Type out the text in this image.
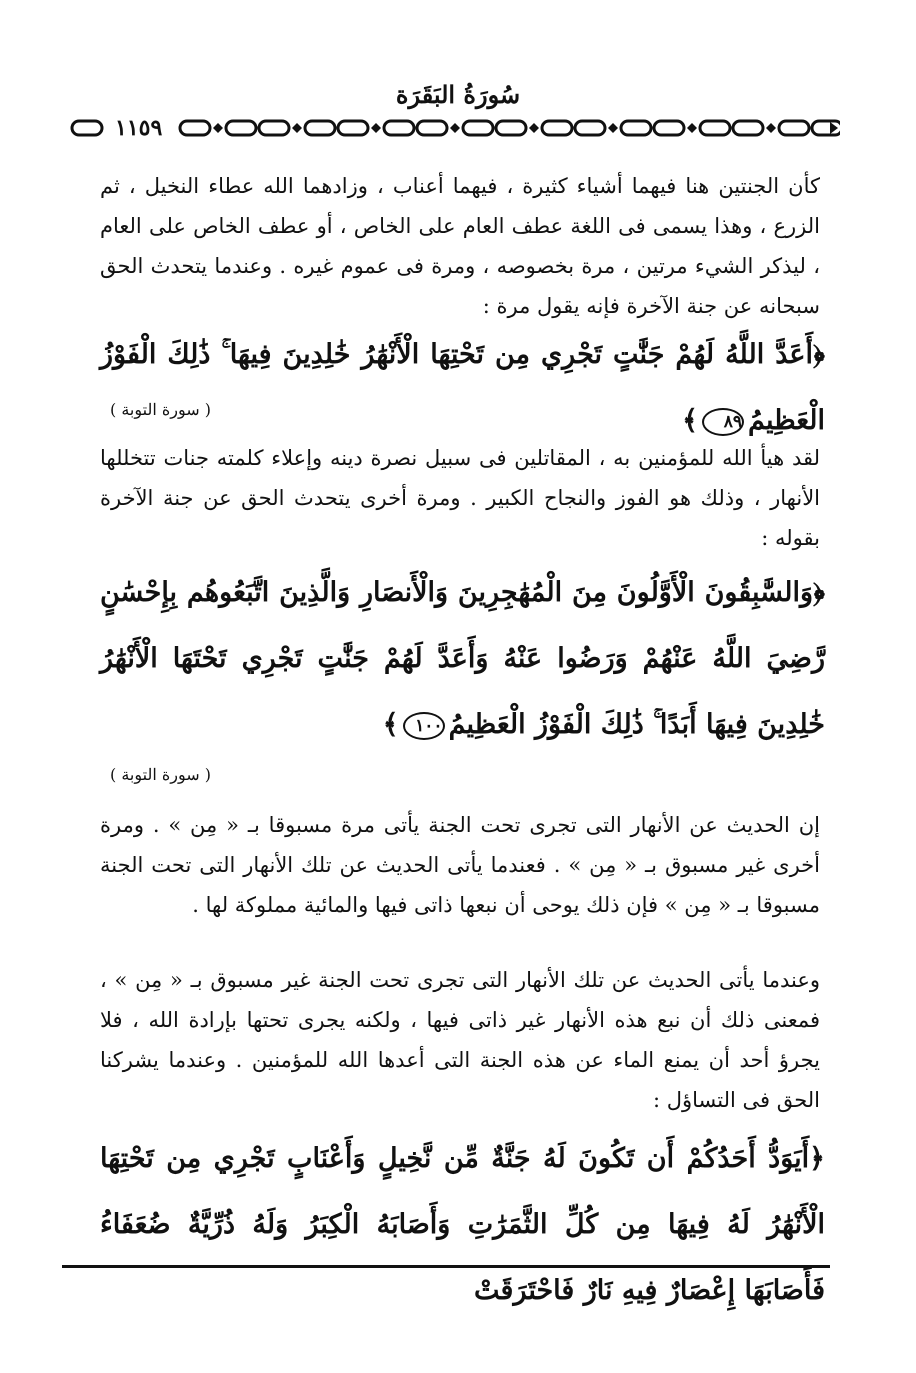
سُورَةُ البَقَرَة
١١٥٩

كأن الجنتين هنا فيهما أشياء كثيرة ، فيهما أعناب ، وزادهما الله عطاء النخيل ، ثم الزرع ، وهذا يسمى فى اللغة عطف العام على الخاص ، أو عطف الخاص على العام ، ليذكر الشيء مرتين ، مرة بخصوصه ، ومرة فى عموم غيره . وعندما يتحدث الحق سبحانه عن جنة الآخرة فإنه يقول مرة :

﴿أَعَدَّ اللَّهُ لَهُمْ جَنَّٰتٍ تَجْرِي مِن تَحْتِهَا الْأَنْهَٰرُ خَٰلِدِينَ فِيهَا ۚ ذَٰلِكَ الْفَوْزُ الْعَظِيمُ٨٩﴾

( سورة التوبة )

لقد هيأ الله للمؤمنين به ، المقاتلين فى سبيل نصرة دينه وإعلاء كلمته جنات تتخللها الأنهار ، وذلك هو الفوز والنجاح الكبير . ومرة أخرى يتحدث الحق عن جنة الآخرة بقوله :

﴿وَالسَّٰبِقُونَ الْأَوَّلُونَ مِنَ الْمُهَٰجِرِينَ وَالْأَنصَارِ وَالَّذِينَ اتَّبَعُوهُم بِإِحْسَٰنٍ رَّضِيَ اللَّهُ عَنْهُمْ وَرَضُوا عَنْهُ وَأَعَدَّ لَهُمْ جَنَّٰتٍ تَجْرِي تَحْتَهَا الْأَنْهَٰرُ خَٰلِدِينَ فِيهَا أَبَدًا ۚ ذَٰلِكَ الْفَوْزُ الْعَظِيمُ١٠٠﴾

( سورة التوبة )

إن الحديث عن الأنهار التى تجرى تحت الجنة يأتى مرة مسبوقا بـ « مِن » . ومرة أخرى غير مسبوق بـ « مِن » . فعندما يأتى الحديث عن تلك الأنهار التى تحت الجنة مسبوقا بـ « مِن » فإن ذلك يوحى أن نبعها ذاتى فيها والمائية مملوكة لها .

وعندما يأتى الحديث عن تلك الأنهار التى تجرى تحت الجنة غير مسبوق بـ « مِن » ، فمعنى ذلك أن نبع هذه الأنهار غير ذاتى فيها ، ولكنه يجرى تحتها بإرادة الله ، فلا يجرؤ أحد أن يمنع الماء عن هذه الجنة التى أعدها الله للمؤمنين . وعندما يشركنا الحق فى التساؤل :

﴿أَيَوَدُّ أَحَدُكُمْ أَن تَكُونَ لَهُ جَنَّةٌ مِّن نَّخِيلٍ وَأَعْنَابٍ تَجْرِي مِن تَحْتِهَا الْأَنْهَٰرُ لَهُ فِيهَا مِن كُلِّ الثَّمَرَٰتِ وَأَصَابَهُ الْكِبَرُ وَلَهُ ذُرِّيَّةٌ ضُعَفَاءُ فَأَصَابَهَا إِعْصَارٌ فِيهِ نَارٌ فَاحْتَرَقَتْ
